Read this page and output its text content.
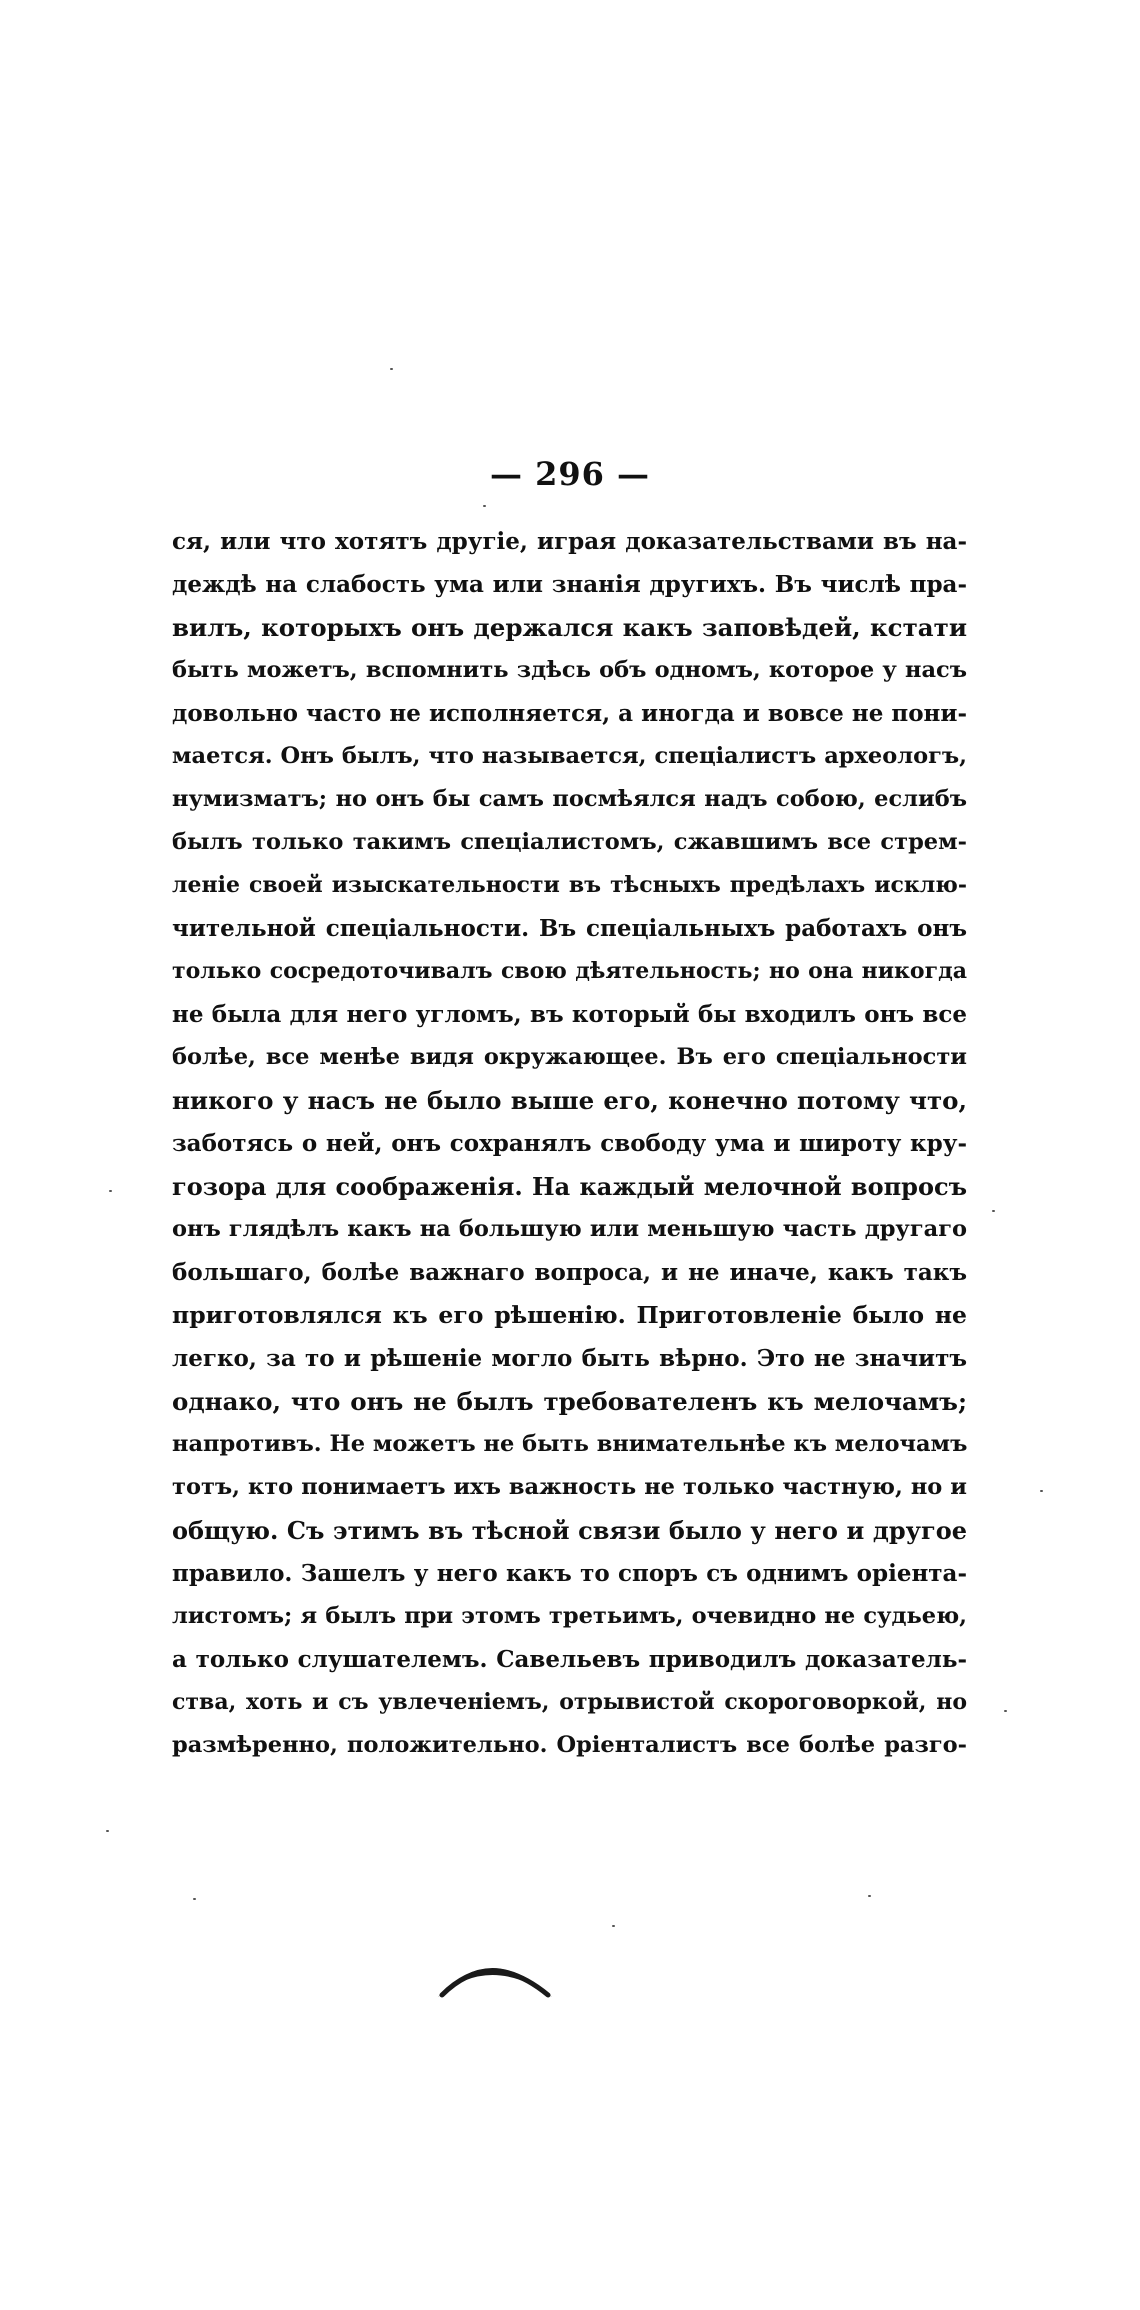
— 296 —
ся, или что хотятъ другіе, играя доказательствами въ на-
деждѣ на слабость ума или знанія другихъ. Въ числѣ пра-
вилъ, которыхъ онъ держался какъ заповѣдей, кстати
быть можетъ, вспомнить здѣсь объ одномъ, которое у насъ
довольно часто не исполняется, а иногда и вовсе не пони-
мается. Онъ былъ, что называется, спеціалистъ археологъ,
нумизматъ; но онъ бы самъ посмѣялся надъ собою, еслибъ
былъ только такимъ спеціалистомъ, сжавшимъ все стрем-
леніе своей изыскательности въ тѣсныхъ предѣлахъ исклю-
чительной спеціальности. Въ спеціальныхъ работахъ онъ
только сосредоточивалъ свою дѣятельность; но она никогда
не была для него угломъ, въ который бы входилъ онъ все
болѣе, все менѣе видя окружающее. Въ его спеціальности
никого у насъ не было выше его, конечно потому что,
заботясь о ней, онъ сохранялъ свободу ума и широту кру-
гозора для соображенія. На каждый мелочной вопросъ
онъ глядѣлъ какъ на большую или меньшую часть другаго
большаго, болѣе важнаго вопроса, и не иначе, какъ такъ
приготовлялся къ его рѣшенію. Приготовленіе было не
легко, за то и рѣшеніе могло быть вѣрно. Это не значитъ
однако, что онъ не былъ требователенъ къ мелочамъ;
напротивъ. Не можетъ не быть внимательнѣе къ мелочамъ
тотъ, кто понимаетъ ихъ важность не только частную, но и
общую. Съ этимъ въ тѣсной связи было у него и другое
правило. Зашелъ у него какъ то споръ съ однимъ оріента-
листомъ; я былъ при этомъ третьимъ, очевидно не судьею,
а только слушателемъ. Савельевъ приводилъ доказатель-
ства, хоть и съ увлеченіемъ, отрывистой скороговоркой, но
размѣренно, положительно. Оріенталистъ все болѣе разго-
